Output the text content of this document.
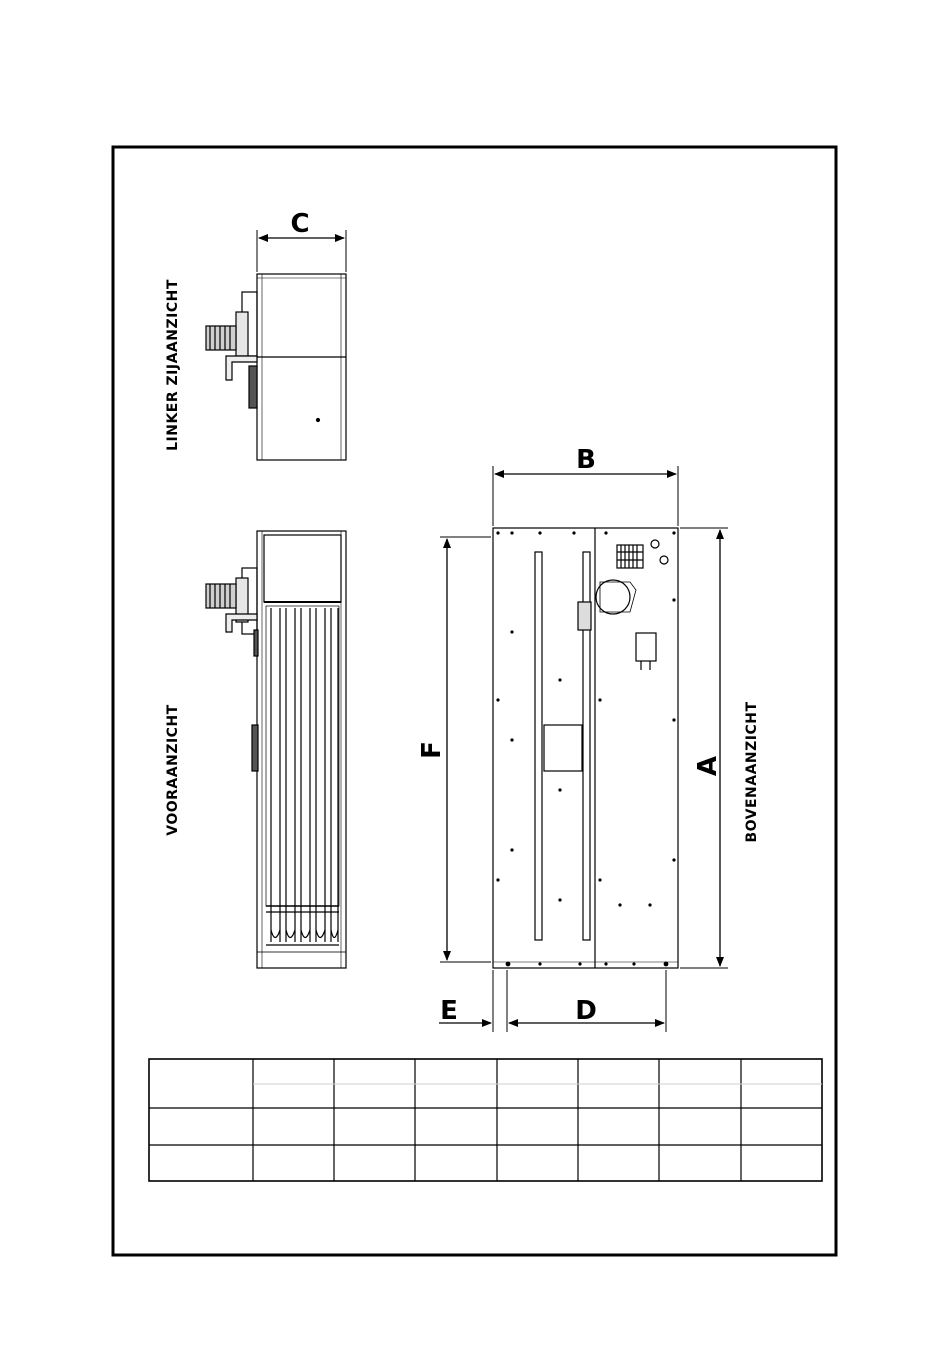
C
LINKER ZIJAANZICHT
VOORAANZICHT
B
A
F
E	D
BOVENAANZICHT
